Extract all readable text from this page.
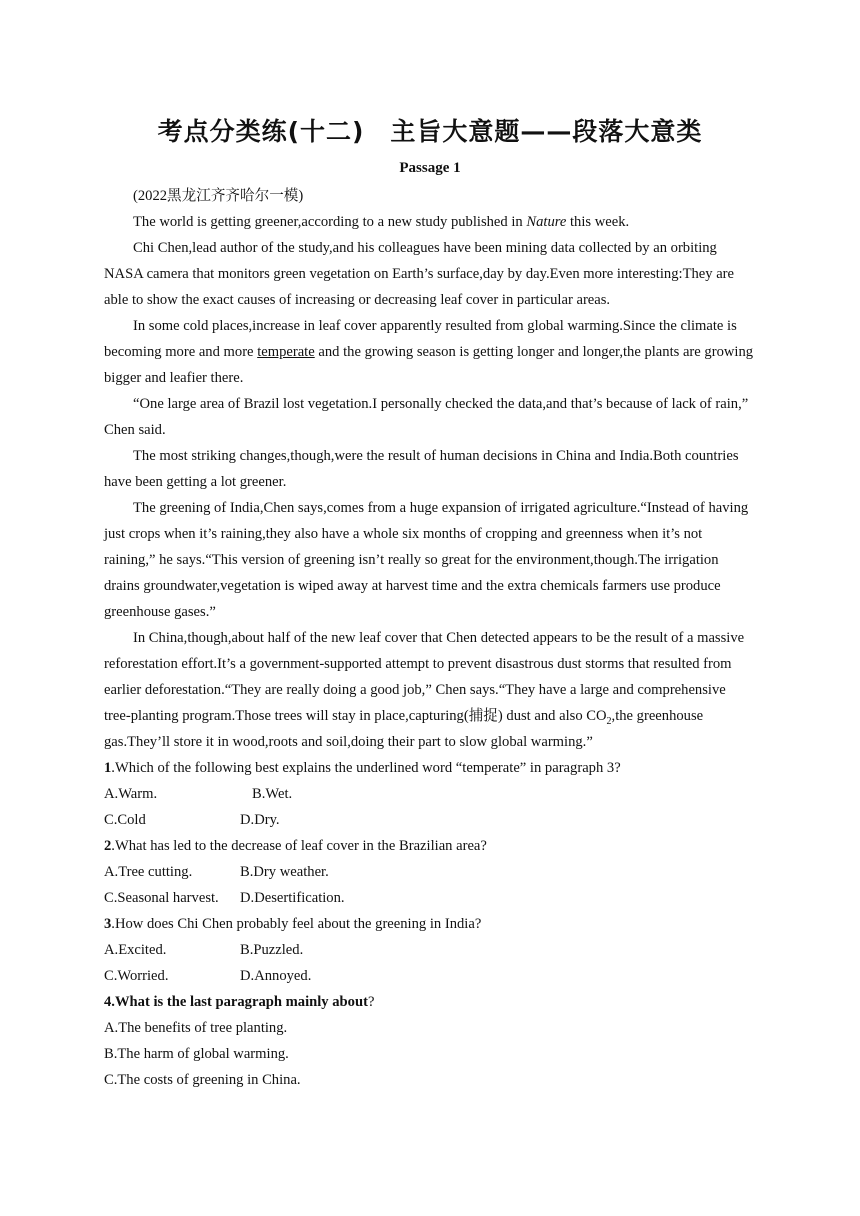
考点分类练(十二)　主旨大意题——段落大意类
Passage 1

(2022黑龙江齐齐哈尔一模)

The world is getting greener,according to a new study published in Nature this week.

Chi Chen,lead author of the study,and his colleagues have been mining data collected by an orbiting NASA camera that monitors green vegetation on Earth’s surface,day by day.Even more interesting:They are able to show the exact causes of increasing or decreasing leaf cover in particular areas.

In some cold places,increase in leaf cover apparently resulted from global warming.Since the climate is becoming more and more temperate and the growing season is getting longer and longer,the plants are growing bigger and leafier there.

“One large area of Brazil lost vegetation.I personally checked the data,and that’s because of lack of rain,” Chen said.

The most striking changes,though,were the result of human decisions in China and India.Both countries have been getting a lot greener.

The greening of India,Chen says,comes from a huge expansion of irrigated agriculture.“Instead of having just crops when it’s raining,they also have a whole six months of cropping and greenness when it’s not raining,” he says.“This version of greening isn’t really so great for the environment,though.The irrigation drains groundwater,vegetation is wiped away at harvest time and the extra chemicals farmers use produce greenhouse gases.”

In China,though,about half of the new leaf cover that Chen detected appears to be the result of a massive reforestation effort.It’s a government-supported attempt to prevent disastrous dust storms that resulted from earlier deforestation.“They are really doing a good job,” Chen says.“They have a large and comprehensive tree-planting program.Those trees will stay in place,capturing(捕捉) dust and also $CO_2,the$ greenhouse gas.They’ll store it in wood,roots and soil,doing their part to slow global warming.”

1.Which of the following best explains the underlined word “temperate” in paragraph 3?

A.Warm.	B.Wet.
C.Cold	D.Dry.

2.What has led to the decrease of leaf cover in the Brazilian area?

A.Tree cutting.	B.Dry weather.
C.Seasonal harvest.	D.Desertification.

3.How does Chi Chen probably feel about the greening in India?

A.Excited.	B.Puzzled.
C.Worried.	D.Annoyed.

4.What is the last paragraph mainly about?

A.The benefits of tree planting.

B.The harm of global warming.

C.The costs of greening in China.
